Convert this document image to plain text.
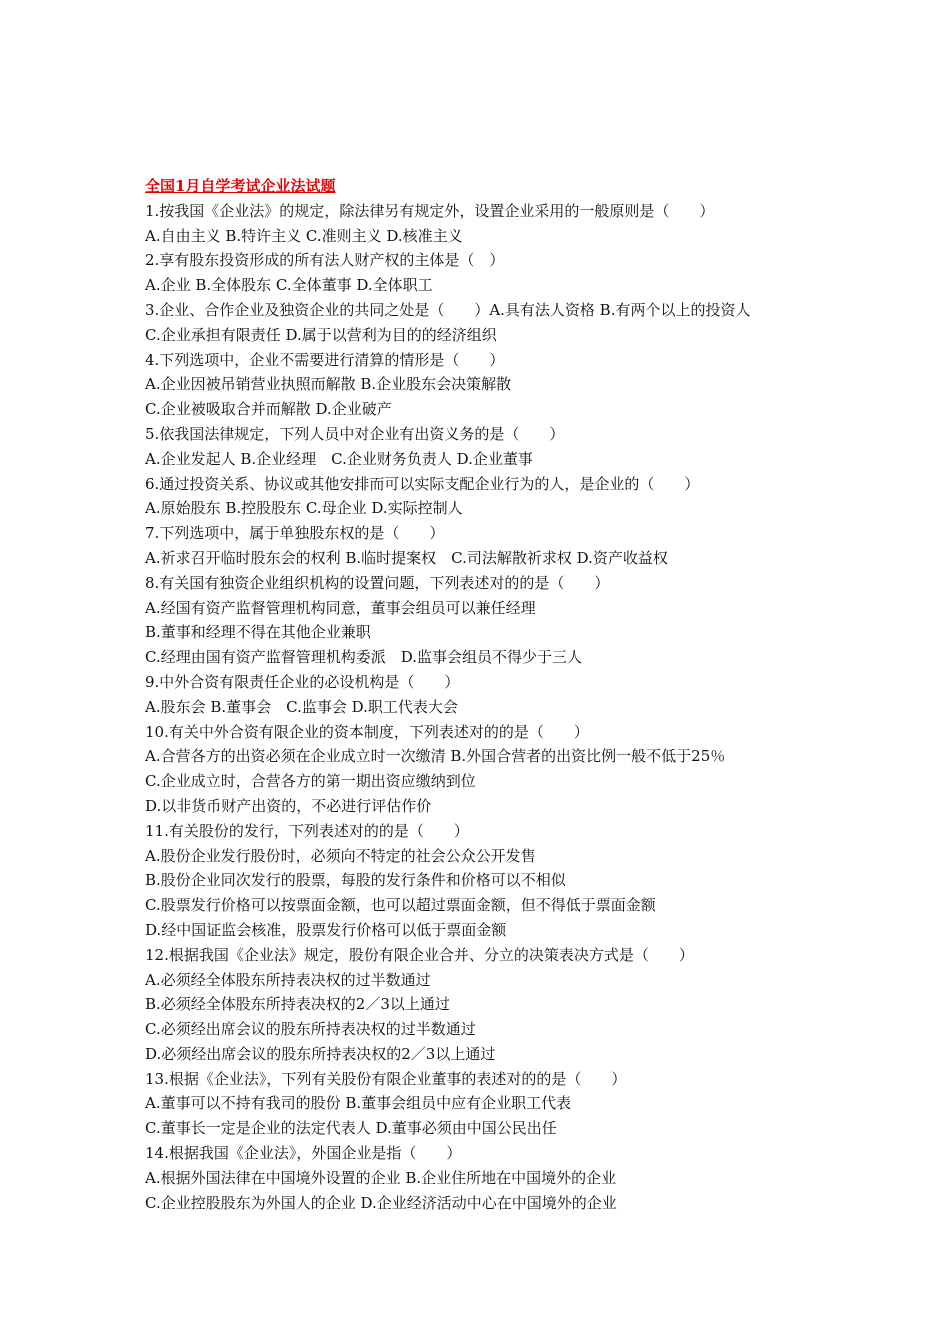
全国1月自学考试企业法试题
1.按我国《企业法》的规定，除法律另有规定外，设置企业采用的一般原则是（　　）
A.自由主义 B.特许主义 C.准则主义 D.核准主义
2.享有股东投资形成的所有法人财产权的主体是（　）
A.企业 B.全体股东 C.全体董事 D.全体职工
3.企业、合作企业及独资企业的共同之处是（　　）A.具有法人资格 B.有两个以上的投资人
C.企业承担有限责任 D.属于以营利为目的的经济组织
4.下列选项中，企业不需要进行清算的情形是（　　）
A.企业因被吊销营业执照而解散 B.企业股东会决策解散
C.企业被吸取合并而解散 D.企业破产
5.依我国法律规定，下列人员中对企业有出资义务的是（　　）
A.企业发起人 B.企业经理　C.企业财务负责人 D.企业董事
6.通过投资关系、协议或其他安排而可以实际支配企业行为的人，是企业的（　　）
A.原始股东 B.控股股东 C.母企业 D.实际控制人
7.下列选项中，属于单独股东权的是（　　）
A.祈求召开临时股东会的权利 B.临时提案权　C.司法解散祈求权 D.资产收益权
8.有关国有独资企业组织机构的设置问题，下列表述对的的是（　　）
A.经国有资产监督管理机构同意，董事会组员可以兼任经理
B.董事和经理不得在其他企业兼职
C.经理由国有资产监督管理机构委派　D.监事会组员不得少于三人
9.中外合资有限责任企业的必设机构是（　　）
A.股东会 B.董事会　C.监事会 D.职工代表大会
10.有关中外合资有限企业的资本制度，下列表述对的的是（　　）
A.合营各方的出资必须在企业成立时一次缴清 B.外国合营者的出资比例一般不低于25％
C.企业成立时，合营各方的第一期出资应缴纳到位
D.以非货币财产出资的，不必进行评估作价
11.有关股份的发行，下列表述对的的是（　　）
A.股份企业发行股份时，必须向不特定的社会公众公开发售
B.股份企业同次发行的股票，每股的发行条件和价格可以不相似
C.股票发行价格可以按票面金额，也可以超过票面金额，但不得低于票面金额
D.经中国证监会核准，股票发行价格可以低于票面金额
12.根据我国《企业法》规定，股份有限企业合并、分立的决策表决方式是（　　）
A.必须经全体股东所持表决权的过半数通过
B.必须经全体股东所持表决权的2／3以上通过
C.必须经出席会议的股东所持表决权的过半数通过
D.必须经出席会议的股东所持表决权的2／3以上通过
13.根据《企业法》，下列有关股份有限企业董事的表述对的的是（　　）
A.董事可以不持有我司的股份 B.董事会组员中应有企业职工代表
C.董事长一定是企业的法定代表人 D.董事必须由中国公民出任
14.根据我国《企业法》，外国企业是指（　　）
A.根据外国法律在中国境外设置的企业 B.企业住所地在中国境外的企业
C.企业控股股东为外国人的企业 D.企业经济活动中心在中国境外的企业
